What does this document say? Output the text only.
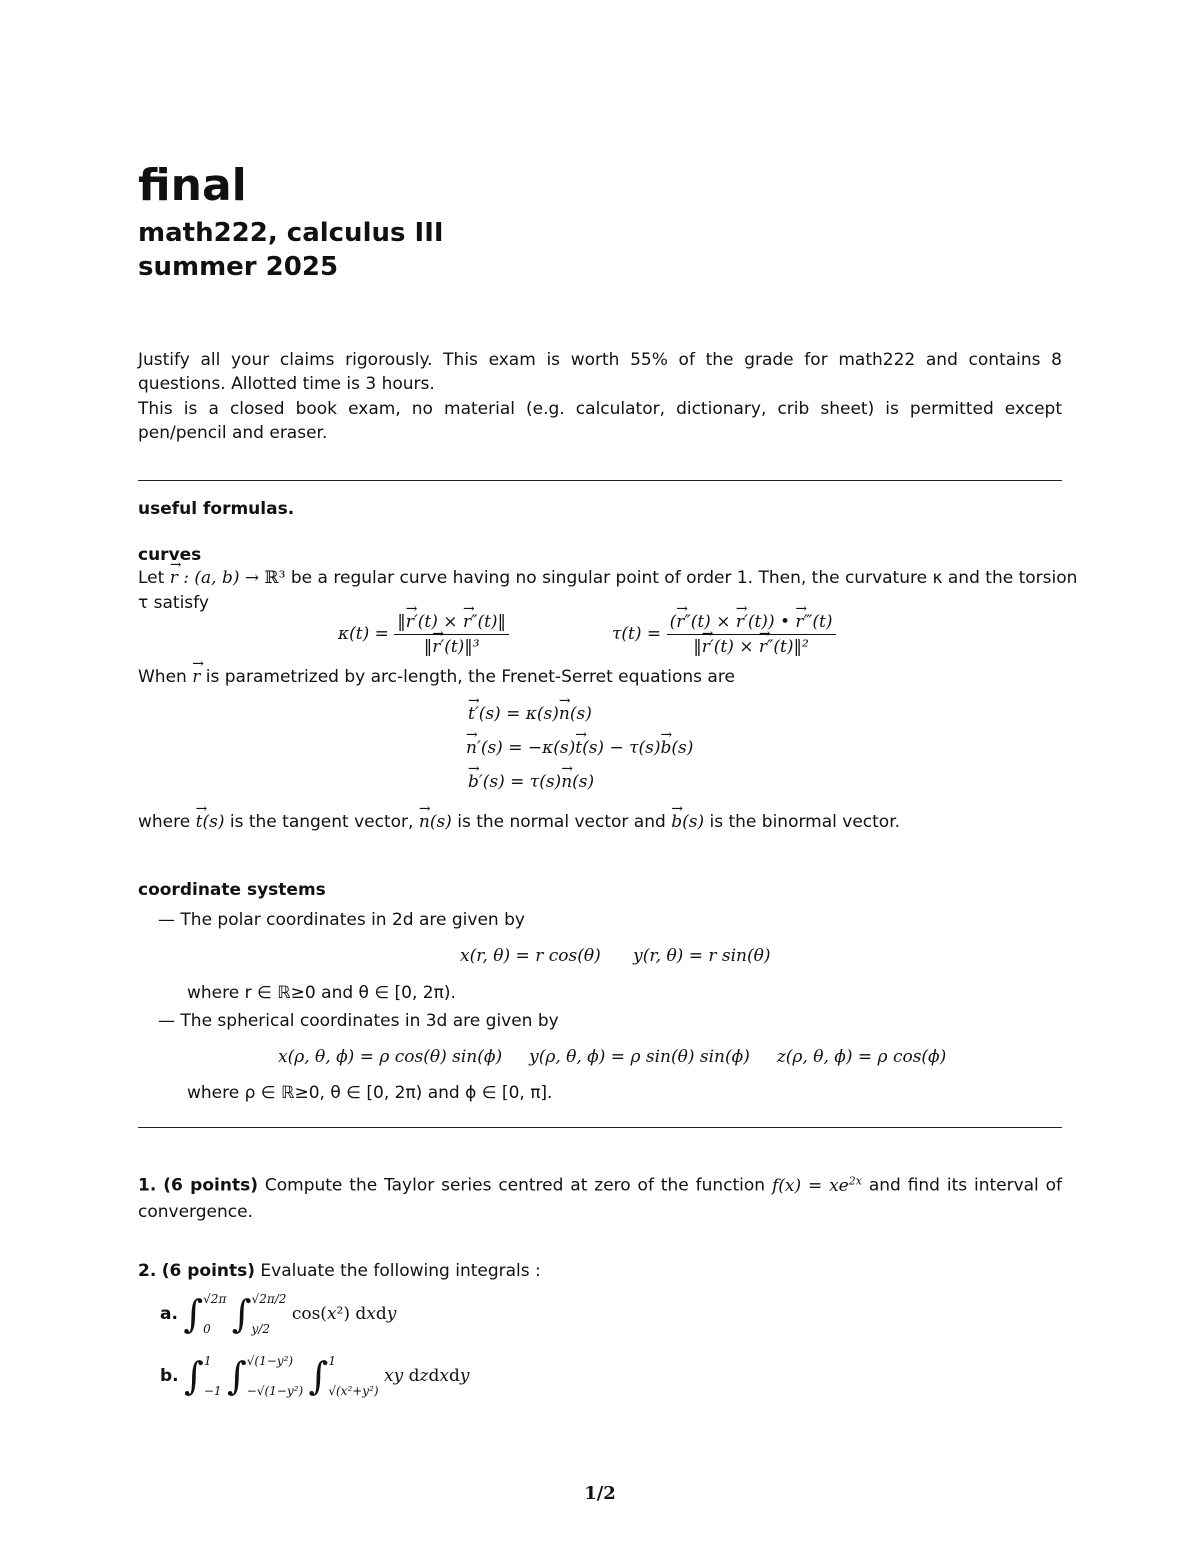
final
math222, calculus III
summer 2025
Justify all your claims rigorously. This exam is worth 55% of the grade for math222 and contains 8 questions. Allotted time is 3 hours.
This is a closed book exam, no material (e.g. calculator, dictionary, crib sheet) is permitted except pen/pencil and eraser.
useful formulas.
curves
Let → r : (a, b) → ℝ³ be a regular curve having no singular point of order 1. Then, the curvature κ and the torsion
τ satisfy
$\kappa(t) = \frac{‖\to r'(t) \times \to r''(t)‖}{\text{‖→ r′(t)‖³}}$	$\tau(t) = \frac{(\to r''(t) \times \to r'(t)) • \to r‴(t)}{\text{‖→ r′(t) × → r″(t)‖²}}$
When → r is parametrized by arc-length, the Frenet-Serret equations are
→ t′(s) = κ(s)→ n(s)
→ n′(s) = −κ(s)→ t(s) − τ(s)→ b(s)
→ b′(s) = τ(s)→ n(s)
where → t(s) is the tangent vector, → n(s) is the normal vector and → b(s) is the binormal vector.
coordinate systems
— The polar coordinates in 2d are given by
x(r, θ) = r cos(θ)      y(r, θ) = r sin(θ)
where r ∈ ℝ≥0 and θ ∈ [0, 2π).
— The spherical coordinates in 3d are given by
x(ρ, θ, ϕ) = ρ cos(θ) sin(ϕ)     y(ρ, θ, ϕ) = ρ sin(θ) sin(ϕ)     z(ρ, θ, ϕ) = ρ cos(ϕ)
where ρ ∈ ℝ≥0, θ ∈ [0, 2π) and ϕ ∈ [0, π].
1. (6 points) Compute the Taylor series centred at zero of the function $f(x) = xe^{2x}$ and find its interval of convergence.
2. (6 points) Evaluate the following integrals :
a. ∫ √2π
0 ∫ √2π/2
y/2
cos(x²) dxdy
b. ∫ 1
−1 ∫ √(1−y²)
−√(1−y²) ∫ 1
√(x²+y²)
xy dzdxdy
1/2
